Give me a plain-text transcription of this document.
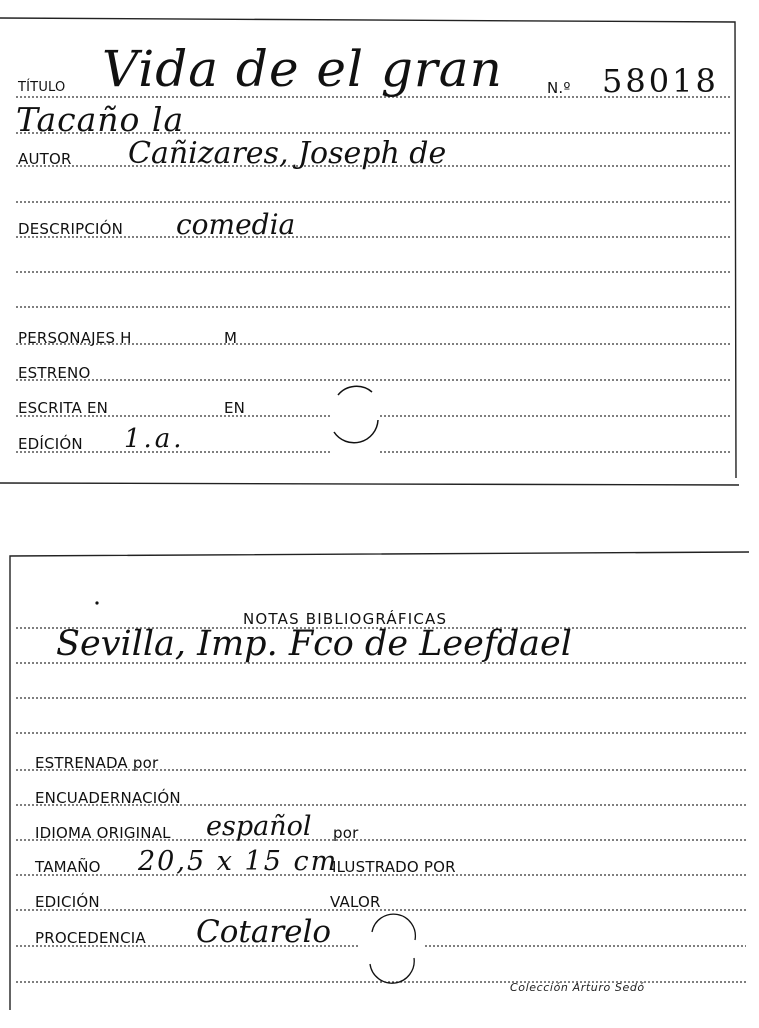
TÍTULO Vida de el gran	N.º 58018
Tacaño la
AUTOR Cañizares, Joseph de
DESCRIPCIÓN comedia
PERSONAJES H	M
ESTRENO
ESCRITA EN	EN
EDÍCIÓN 1.a.
NOTAS BIBLIOGRÁFICAS
Sevilla, Imp. Fco de Leefdael
ESTRENADA por
ENCUADERNACIÓN
IDIOMA ORIGINAL español por
TAMAÑO 20,5 x 15 cm
ILUSTRADO POR
EDICIÓN	VALOR
PROCEDENCIA Cotarelo
Colección Arturo Sedó
